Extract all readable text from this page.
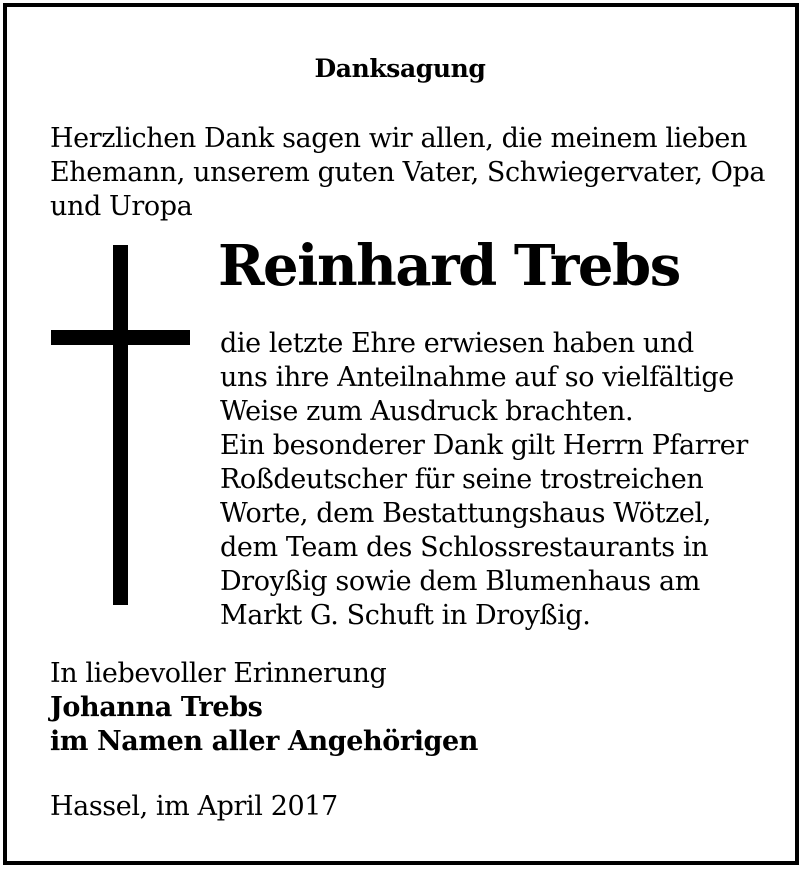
Danksagung
Herzlichen Dank sagen wir allen, die meinem lieben
Ehemann, unserem guten Vater, Schwiegervater, Opa
und Uropa
Reinhard Trebs
die letzte Ehre erwiesen haben und
uns ihre Anteilnahme auf so vielfältige
Weise zum Ausdruck brachten.
Ein besonderer Dank gilt Herrn Pfarrer
Roßdeutscher für seine trostreichen
Worte, dem Bestattungshaus Wötzel,
dem Team des Schlossrestaurants in
Droyßig sowie dem Blumenhaus am
Markt G. Schuft in Droyßig.
In liebevoller Erinnerung
Johanna Trebs
im Namen aller Angehörigen
Hassel, im April 2017
